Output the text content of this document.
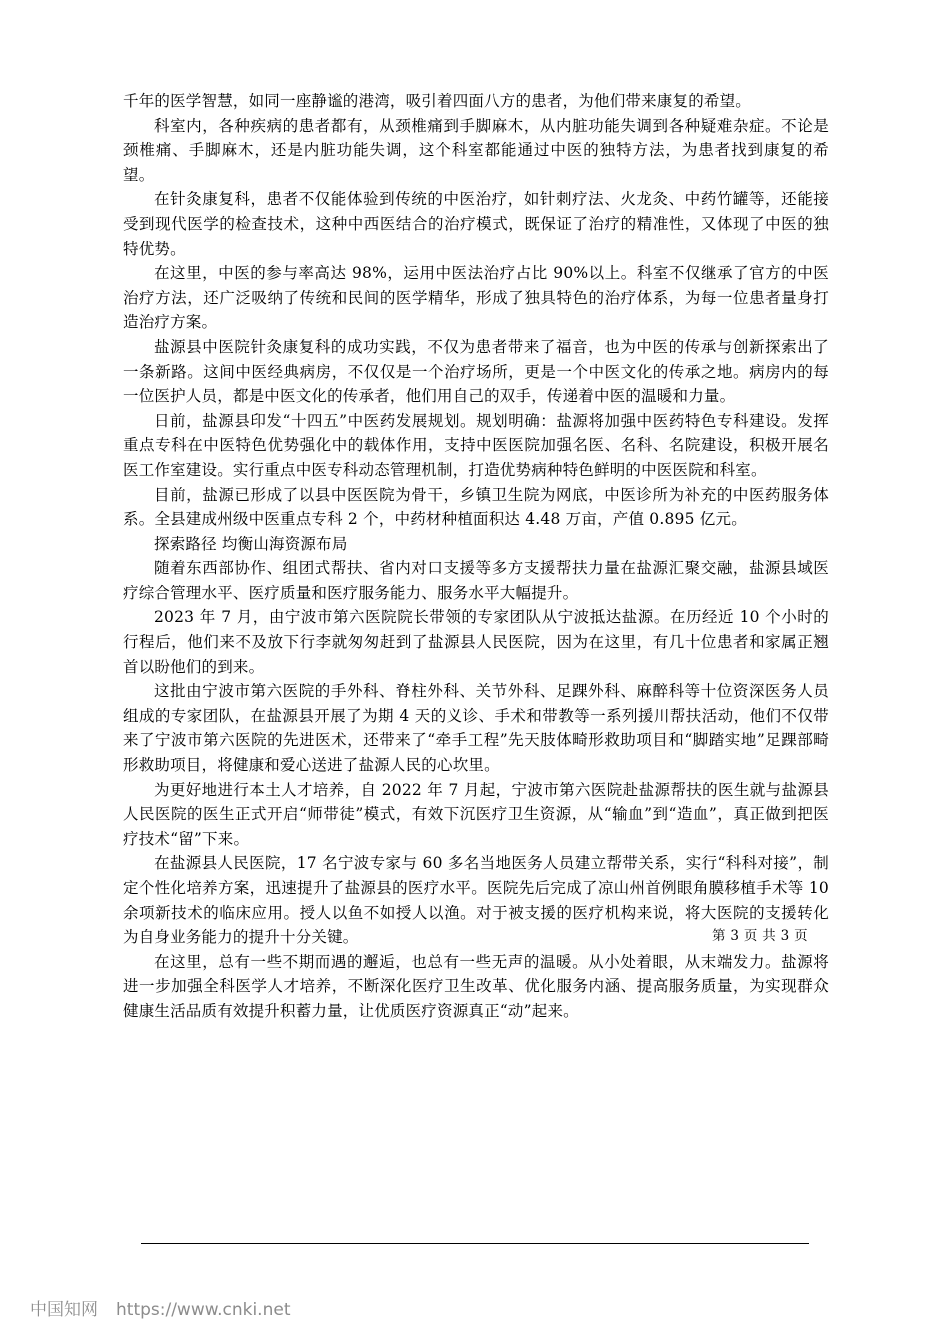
千年的医学智慧，如同一座静谧的港湾，吸引着四面八方的患者，为他们带来康复的希望。

科室内，各种疾病的患者都有，从颈椎痛到手脚麻木，从内脏功能失调到各种疑难杂症。不论是颈椎痛、手脚麻木，还是内脏功能失调，这个科室都能通过中医的独特方法，为患者找到康复的希望。

在针灸康复科，患者不仅能体验到传统的中医治疗，如针刺疗法、火龙灸、中药竹罐等，还能接受到现代医学的检查技术，这种中西医结合的治疗模式，既保证了治疗的精准性，又体现了中医的独特优势。

在这里，中医的参与率高达 98%，运用中医法治疗占比 90%以上。科室不仅继承了官方的中医治疗方法，还广泛吸纳了传统和民间的医学精华，形成了独具特色的治疗体系，为每一位患者量身打造治疗方案。

盐源县中医院针灸康复科的成功实践，不仅为患者带来了福音，也为中医的传承与创新探索出了一条新路。这间中医经典病房，不仅仅是一个治疗场所，更是一个中医文化的传承之地。病房内的每一位医护人员，都是中医文化的传承者，他们用自己的双手，传递着中医的温暖和力量。

日前，盐源县印发“十四五”中医药发展规划。规划明确：盐源将加强中医药特色专科建设。发挥重点专科在中医特色优势强化中的载体作用，支持中医医院加强名医、名科、名院建设，积极开展名医工作室建设。实行重点中医专科动态管理机制，打造优势病种特色鲜明的中医医院和科室。

目前，盐源已形成了以县中医医院为骨干，乡镇卫生院为网底，中医诊所为补充的中医药服务体系。全县建成州级中医重点专科 2 个，中药材种植面积达 4.48 万亩，产值 0.895 亿元。

探索路径 均衡山海资源布局

随着东西部协作、组团式帮扶、省内对口支援等多方支援帮扶力量在盐源汇聚交融，盐源县域医疗综合管理水平、医疗质量和医疗服务能力、服务水平大幅提升。

2023 年 7 月，由宁波市第六医院院长带领的专家团队从宁波抵达盐源。在历经近 10 个小时的行程后，他们来不及放下行李就匆匆赶到了盐源县人民医院，因为在这里，有几十位患者和家属正翘首以盼他们的到来。

这批由宁波市第六医院的手外科、脊柱外科、关节外科、足踝外科、麻醉科等十位资深医务人员组成的专家团队，在盐源县开展了为期 4 天的义诊、手术和带教等一系列援川帮扶活动，他们不仅带来了宁波市第六医院的先进医术，还带来了“牵手工程”先天肢体畸形救助项目和“脚踏实地”足踝部畸形救助项目，将健康和爱心送进了盐源人民的心坎里。

为更好地进行本土人才培养，自 2022 年 7 月起，宁波市第六医院赴盐源帮扶的医生就与盐源县人民医院的医生正式开启“师带徒”模式，有效下沉医疗卫生资源，从“输血”到“造血”，真正做到把医疗技术“留”下来。

在盐源县人民医院，17 名宁波专家与 60 多名当地医务人员建立帮带关系，实行“科科对接”，制定个性化培养方案，迅速提升了盐源县的医疗水平。医院先后完成了凉山州首例眼角膜移植手术等 10 余项新技术的临床应用。授人以鱼不如授人以渔。对于被支援的医疗机构来说，将大医院的支援转化为自身业务能力的提升十分关键。

在这里，总有一些不期而遇的邂逅，也总有一些无声的温暖。从小处着眼，从末端发力。盐源将进一步加强全科医学人才培养，不断深化医疗卫生改革、优化服务内涵、提高服务质量，为实现群众健康生活品质有效提升积蓄力量，让优质医疗资源真正“动”起来。

第 3 页 共 3 页
中国知网 https://www.cnki.net
